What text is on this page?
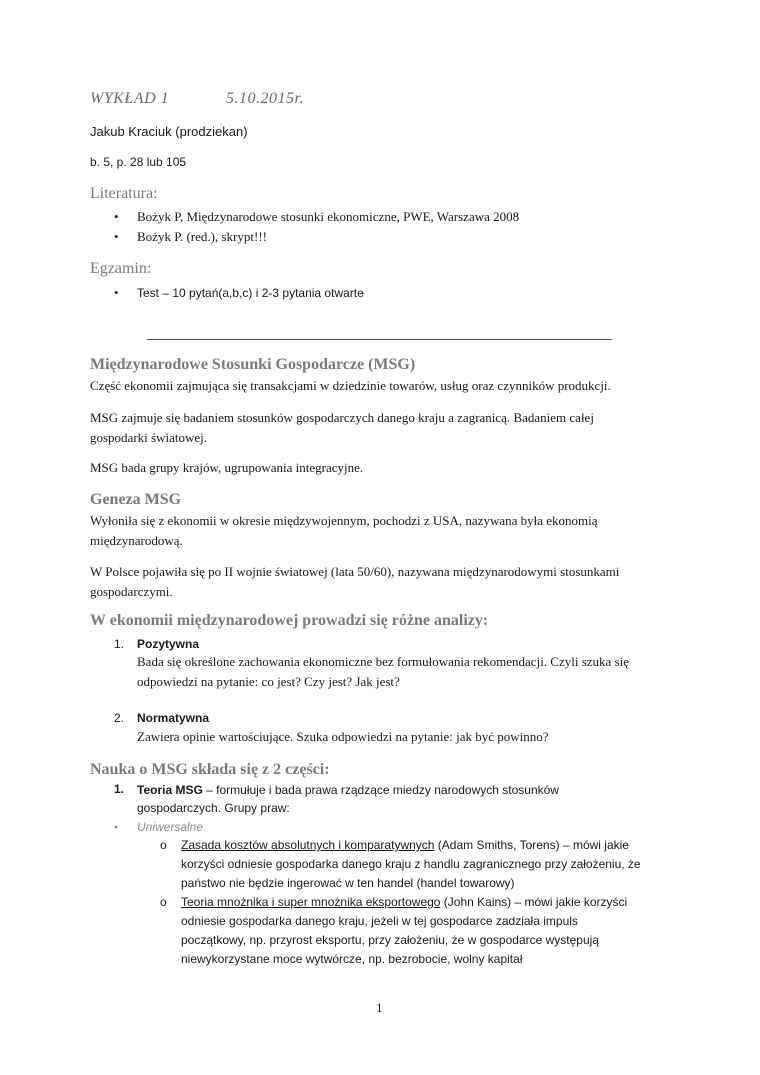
WYKŁAD 1	5.10.2015r.
Jakub Kraciuk (prodziekan)
b. 5, p. 28 lub 105
Literatura:
• Bożyk P, Międzynarodowe stosunki ekonomiczne, PWE, Warszawa 2008
• Bożyk P. (red.), skrypt!!!
Egzamin:
• Test – 10 pytań(a,b,c) i 2-3 pytania otwarte
Międzynarodowe Stosunki Gospodarcze (MSG)
Część ekonomii zajmująca się transakcjami w dziedzinie towarów, usług oraz czynników produkcji.
MSG zajmuje się badaniem stosunków gospodarczych danego kraju a zagranicą. Badaniem całej
gospodarki światowej.
MSG bada grupy krajów, ugrupowania integracyjne.
Geneza MSG
Wyłoniła się z ekonomii w okresie międzywojennym, pochodzi z USA, nazywana była ekonomią
międzynarodową.
W Polsce pojawiła się po II wojnie światowej (lata 50/60), nazywana międzynarodowymi stosunkami
gospodarczymi.
W ekonomii międzynarodowej prowadzi się różne analizy:
1. Pozytywna
Bada się określone zachowania ekonomiczne bez formułowania rekomendacji. Czyli szuka się
odpowiedzi na pytanie: co jest? Czy jest? Jak jest?
2. Normatywna
Zawiera opinie wartościujące. Szuka odpowiedzi na pytanie: jak być powinno?
Nauka o MSG składa się z 2 części:
1. Teoria MSG – formułuje i bada prawa rządzące miedzy narodowych stosunków
gospodarczych. Grupy praw:
• Uniwersalne
o Zasada kosztów absolutnych i komparatywnych (Adam Smiths, Torens) – mówi jakie
korzyści odniesie gospodarka danego kraju z handlu zagranicznego przy założeniu, że
państwo nie będzie ingerować w ten handel (handel towarowy)
o Teoria mnożnika i super mnożnika eksportowego (John Kains) – mówi jakie korzyści
odniesie gospodarka danego kraju, jeżeli w tej gospodarce zadziała impuls
początkowy, np. przyrost eksportu, przy założeniu, że w gospodarce występują
niewykorzystane moce wytwórcze, np. bezrobocie, wolny kapitał
1
